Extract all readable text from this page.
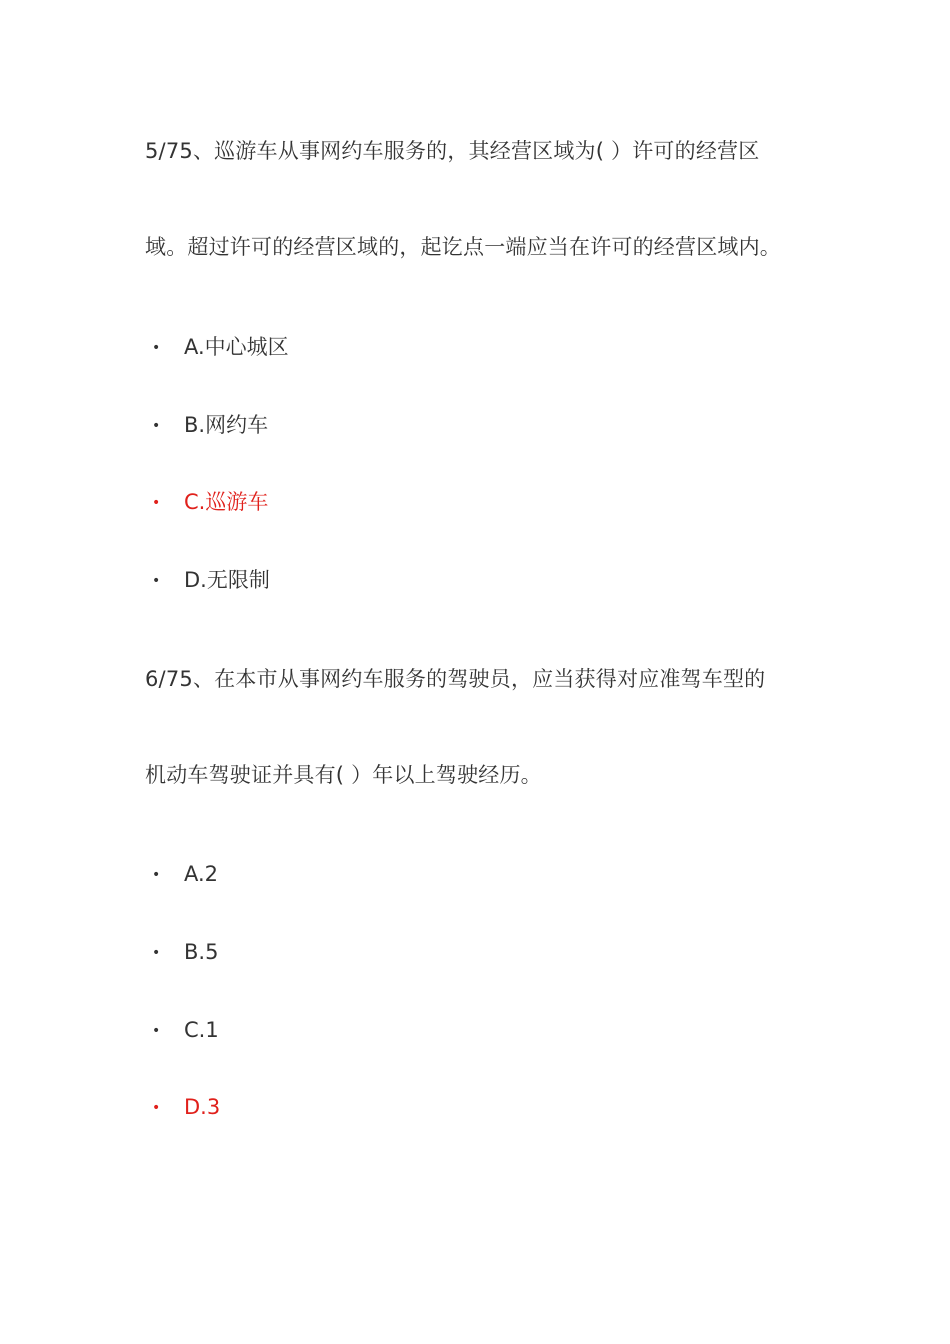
5/75、巡游车从事网约车服务的，其经营区域为( ）许可的经营区
域。超过许可的经营区域的，起讫点一端应当在许可的经营区域内。
• A.中心城区
• B.网约车
• C.巡游车
• D.无限制
6/75、在本市从事网约车服务的驾驶员，应当获得对应准驾车型的
机动车驾驶证并具有( ）年以上驾驶经历。
• A.2
• B.5
• C.1
• D.3
